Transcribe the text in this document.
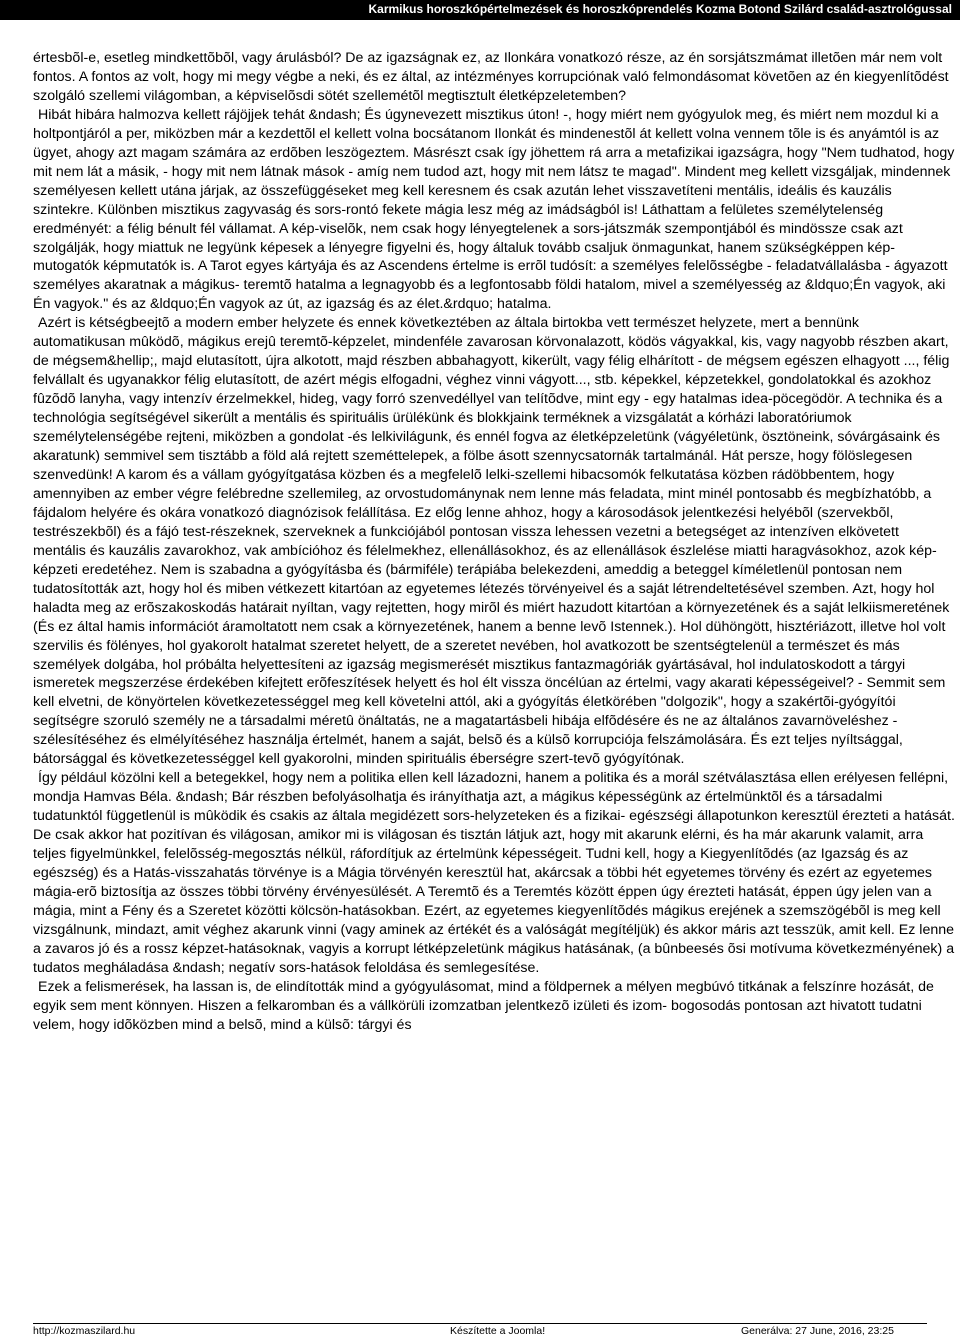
Karmikus horoszkópértelmezések és horoszkóprendelés Kozma Botond Szilárd család-asztrológussal

értesbõl-e, esetleg mindkettõbõl, vagy árulásból? De az igazságnak ez, az Ilonkára vonatkozó része, az én sorsjátszmámat illetõen már nem volt fontos. A fontos az volt, hogy mi megy végbe a neki, és ez által, az intézményes korrupciónak való felmondásomat követõen az én kiegyenlítõdést szolgáló szellemi világomban, a képviselõsdi sötét szellemétõl megtisztult életképzeletemben?

Hibát hibára halmozva kellett rájöjjek tehát &ndash; És úgynevezett misztikus úton! -, hogy miért nem gyógyulok meg, és miért nem mozdul ki a holtpontjáról a per, miközben már a kezdettõl el kellett volna bocsátanom Ilonkát és mindenestõl át kellett volna vennem tõle is és anyámtól is az ügyet, ahogy azt magam számára az erdõben leszögeztem. Másrészt csak így jöhettem rá arra a metafizikai igazságra, hogy "Nem tudhatod, hogy mit nem lát a másik, - hogy mit nem látnak mások - amíg nem tudod azt, hogy mit nem látsz te magad". Mindent meg kellett vizsgáljak, mindennek személyesen kellett utána járjak, az összefüggéseket meg kell keresnem és csak azután lehet visszavetíteni mentális, ideális és kauzális szintekre. Különben misztikus zagyvaság és sors-rontó fekete mágia lesz még az imádságból is! Láthattam a felületes személytelenség eredményét: a félig bénult fél vállamat. A kép-viselõk, nem csak hogy lényegtelenek a sors-játszmák szempontjából és mindössze csak azt szolgálják, hogy miattuk ne legyünk képesek a lényegre figyelni és, hogy általuk tovább csaljuk önmagunkat, hanem szükségképpen kép-mutogatók képmutatók is. A Tarot egyes kártyája és az Ascendens értelme is errõl tudósít: a személyes felelõsségbe - feladatvállalásba - ágyazott személyes akaratnak a mágikus- teremtõ hatalma a legnagyobb és a legfontosabb földi hatalom, mivel a személyesség az &ldquo;Én vagyok, aki Én vagyok." és az &ldquo;Én vagyok az út, az igazság és az élet.&rdquo; hatalma.

Azért is kétségbeejtõ a modern ember helyzete és ennek következtében az általa birtokba vett természet helyzete, mert a bennünk automatikusan mûködõ, mágikus erejû teremtõ-képzelet, mindenféle zavarosan körvonalazott, ködös vágyakkal, kis, vagy nagyobb részben akart, de mégsem&hellip;, majd elutasított, újra alkotott, majd részben abbahagyott, kikerült, vagy félig elhárított - de mégsem egészen elhagyott ..., félig felvállalt és ugyanakkor félig elutasított, de azért mégis elfogadni, véghez vinni vágyott..., stb. képekkel, képzetekkel, gondolatokkal és azokhoz fûzõdõ lanyha, vagy intenzív érzelmekkel, hideg, vagy forró szenvedéllyel van telítõdve, mint egy - egy hatalmas idea-pöcegödör. A technika és a technológia segítségével sikerült a mentális és spirituális ürülékünk és blokkjaink terméknek a vizsgálatát a kórházi laboratóriumok személytelenségébe rejteni, miközben a gondolat -és lelkivilágunk, és ennél fogva az életképzeletünk (vágyéletünk, ösztöneink, sóvárgásaink és akaratunk) semmivel sem tisztább a föld alá rejtett szeméttelepek, a fölbe ásott szennycsatornák tartalmánál. Hát persze, hogy fölöslegesen szenvedünk! A karom és a vállam gyógyítgatása közben és a megfelelõ lelki-szellemi hibacsomók felkutatása közben rádöbbentem, hogy amennyiben az ember végre felébredne szellemileg, az orvostudománynak nem lenne más feladata, mint minél pontosabb és megbízhatóbb, a fájdalom helyére és okára vonatkozó diagnózisok felállítása. Ez előg lenne ahhoz, hogy a károsodások jelentkezési helyébõl (szervekbõl, testrészekbõl) és a fájó test-részeknek, szerveknek a funkciójából pontosan vissza lehessen vezetni a betegséget az intenzíven elkövetett mentális és kauzális zavarokhoz, vak ambícióhoz és félelmekhez, ellenállásokhoz, és az ellenállások észlelése miatti haragvásokhoz, azok kép-képzeti eredetéhez. Nem is szabadna a gyógyításba és (bármiféle) terápiába belekezdeni, ameddig a beteggel kíméletlenül pontosan nem tudatosították azt, hogy hol és miben vétkezett kitartóan az egyetemes létezés törvényeivel és a saját létrendeltetésével szemben. Azt, hogy hol haladta meg az erõszakoskodás határait nyíltan, vagy rejtetten, hogy mirõl és miért hazudott kitartóan a környezetének és a saját lelkiismeretének (És ez által hamis információt áramoltatott nem csak a környezetének, hanem a benne levõ Istennek.). Hol dühöngött, hisztériázott, illetve hol volt szervilis és fölényes, hol gyakorolt hatalmat szeretet helyett, de a szeretet nevében, hol avatkozott be szentségtelenül a természet és más személyek dolgába, hol próbálta helyettesíteni az igazság megismerését misztikus fantazmagóriák gyártásával, hol indulatoskodott a tárgyi ismeretek megszerzése érdekében kifejtett erõfeszítések helyett és hol élt vissza öncélúan az értelmi, vagy akarati képességeivel? - Semmit sem kell elvetni, de könyörtelen következetességgel meg kell követelni attól, aki a gyógyítás életkörében "dolgozik", hogy a szakértõi-gyógyítói segítségre szoruló személy ne a társadalmi méretû önáltatás, ne a magatartásbeli hibája elfõdésére és ne az általános zavarnöveléshez - szélesítéséhez és elmélyítéséhez használja értelmét, hanem a saját, belsõ és a külsõ korrupciója felszámolására. És ezt teljes nyíltsággal, bátorsággal és következetességgel kell gyakorolni, minden spirituális éberségre szert-tevõ gyógyítónak.

Így például közölni kell a betegekkel, hogy nem a politika ellen kell lázadozni, hanem a politika és a morál szétválasztása ellen erélyesen fellépni, mondja Hamvas Béla. &ndash; Bár részben befolyásolhatja és irányíthatja azt, a mágikus képességünk az értelmünktõl és a társadalmi tudatunktól függetlenül is mûködik és csakis az általa megidézett sors-helyzeteken és a fizikai- egészségi állapotunkon keresztül érezteti a hatását. De csak akkor hat pozitívan és világosan, amikor mi is világosan és tisztán látjuk azt, hogy mit akarunk elérni, és ha már akarunk valamit, arra teljes figyelmünkkel, felelõsség-megosztás nélkül, ráfordítjuk az értelmünk képességeit. Tudni kell, hogy a Kiegyenlítõdés (az Igazság és az egészség) és a Hatás-visszahatás törvénye is a Mágia törvényén keresztül hat, akárcsak a többi hét egyetemes törvény és ezért az egyetemes mágia-erõ biztosítja az összes többi törvény érvényesülését. A Teremtõ és a Teremtés között éppen úgy érezteti hatását, éppen úgy jelen van a mágia, mint a Fény és a Szeretet közötti kölcsön-hatásokban. Ezért, az egyetemes kiegyenlítõdés mágikus erejének a szemszögébõl is meg kell vizsgálnunk, mindazt, amit véghez akarunk vinni (vagy aminek az értékét és a valóságát megítéljük) és akkor máris azt tesszük, amit kell. Ez lenne a zavaros jó és a rossz képzet-hatásoknak, vagyis a korrupt létképzeletünk mágikus hatásának, (a bûnbeesés õsi motívuma következményének) a tudatos megháladása &ndash; negatív sors-hatások feloldása és semlegesítése.

Ezek a felismerések, ha lassan is, de elindították mind a gyógyulásomat, mind a földpernek a mélyen megbúvó titkának a felszínre hozását, de egyik sem ment könnyen. Hiszen a felkaromban és a vállkörüli izomzatban jelentkezõ izületi és izom- bogosodás pontosan azt hivatott tudatni velem, hogy idõközben mind a belsõ, mind a külsõ: tárgyi és

http://kozmaszilard.hu	Készítette a Joomla!	Generálva: 27 June, 2016, 23:25
